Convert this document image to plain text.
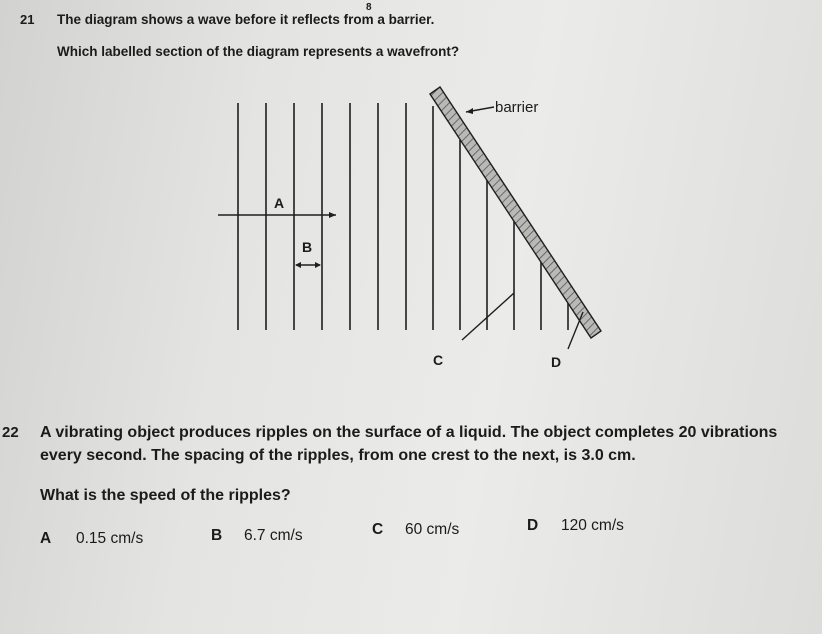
8
21 The diagram shows a wave before it reflects from a barrier.
Which labelled section of the diagram represents a wavefront?
barrier
A
B
C	D
22 A vibrating object produces ripples on the surface of a liquid. The object completes 20 vibrations
every second. The spacing of the ripples, from one crest to the next, is 3.0 cm.
What is the speed of the ripples?
A 0.15 cm/s	B 6.7 cm/s	C 60 cm/s	D 120 cm/s
